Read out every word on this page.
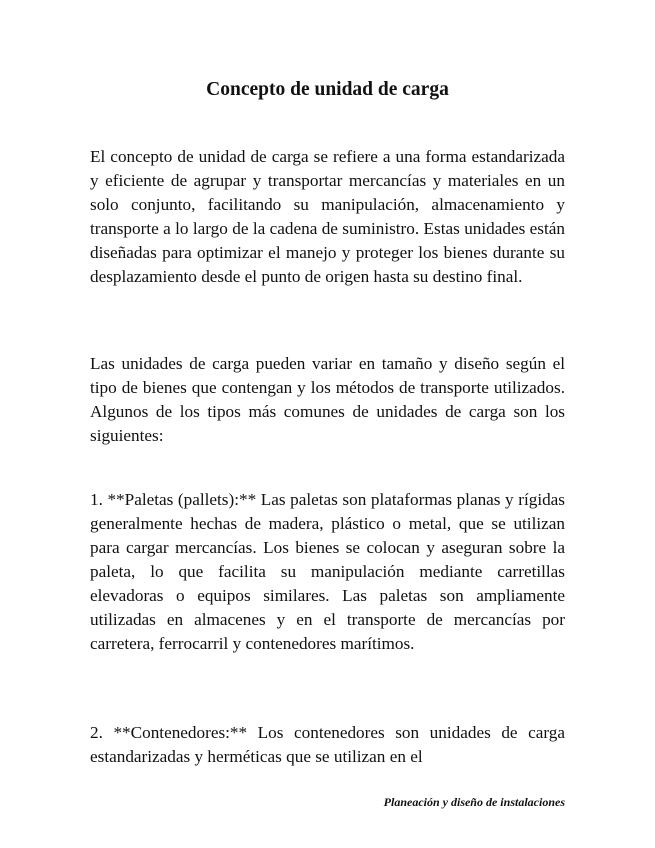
Concepto de unidad de carga

El concepto de unidad de carga se refiere a una forma estandarizada y eficiente de agrupar y transportar mercancías y materiales en un solo conjunto, facilitando su manipulación, almacenamiento y transporte a lo largo de la cadena de suministro. Estas unidades están diseñadas para optimizar el manejo y proteger los bienes durante su desplazamiento desde el punto de origen hasta su destino final.

Las unidades de carga pueden variar en tamaño y diseño según el tipo de bienes que contengan y los métodos de transporte utilizados. Algunos de los tipos más comunes de unidades de carga son los siguientes:

1. **Paletas (pallets):** Las paletas son plataformas planas y rígidas generalmente hechas de madera, plástico o metal, que se utilizan para cargar mercancías. Los bienes se colocan y aseguran sobre la paleta, lo que facilita su manipulación mediante carretillas elevadoras o equipos similares. Las paletas son ampliamente utilizadas en almacenes y en el transporte de mercancías por carretera, ferrocarril y contenedores marítimos.

2. **Contenedores:** Los contenedores son unidades de carga estandarizadas y herméticas que se utilizan en el

Planeación y diseño de instalaciones
